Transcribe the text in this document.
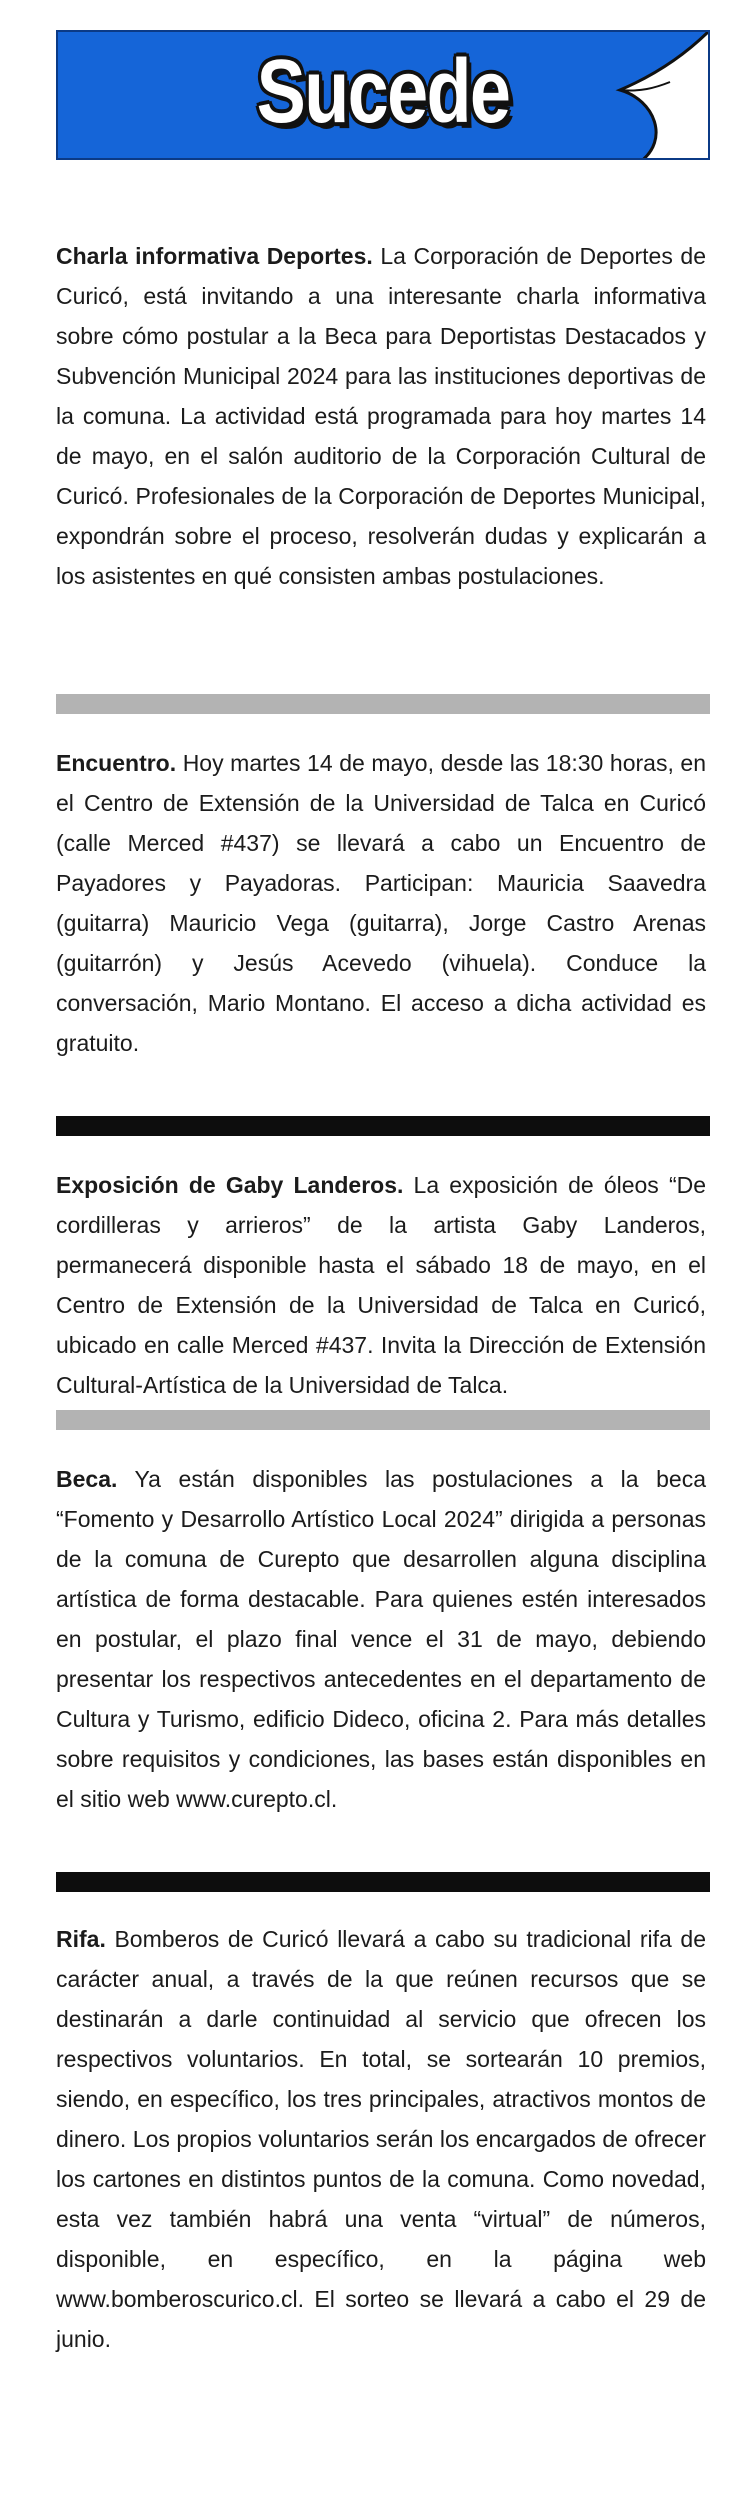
Sucede
Charla informativa Deportes. La Corporación de Deportes de Curicó, está invitando a una interesante charla informativa sobre cómo postular a la Beca para Deportistas Destacados y Subvención Municipal 2024 para las instituciones deportivas de la comuna. La actividad está programada para hoy martes 14 de mayo, en el salón auditorio de la Corporación Cultural de Curicó. Profesionales de la Corporación de Deportes Municipal, expondrán sobre el proceso, resolverán dudas y explicarán a los asistentes en qué consisten ambas postulaciones.
Encuentro. Hoy martes 14 de mayo, desde las 18:30 horas, en el Centro de Extensión de la Universidad de Talca en Curicó (calle Merced #437) se llevará a cabo un Encuentro de Payadores y Payadoras. Participan: Mauricia Saavedra (guitarra) Mauricio Vega (guitarra), Jorge Castro Arenas (guitarrón) y Jesús Acevedo (vihuela). Conduce la conversación, Mario Montano. El acceso a dicha actividad es gratuito.
Exposición de Gaby Landeros. La exposición de óleos “De cordilleras y arrieros” de la artista Gaby Landeros, permanecerá disponible hasta el sábado 18 de mayo, en el Centro de Extensión de la Universidad de Talca en Curicó, ubicado en calle Merced #437. Invita la Dirección de Extensión Cultural-Artística de la Universidad de Talca.
Beca. Ya están disponibles las postulaciones a la beca “Fomento y Desarrollo Artístico Local 2024” dirigida a personas de la comuna de Curepto que desarrollen alguna disciplina artística de forma destacable. Para quienes estén interesados en postular, el plazo final vence el 31 de mayo, debiendo presentar los respectivos antecedentes en el departamento de Cultura y Turismo, edificio Dideco, oficina 2. Para más detalles sobre requisitos y condiciones, las bases están disponibles en el sitio web www.curepto.cl.
Rifa. Bomberos de Curicó llevará a cabo su tradicional rifa de carácter anual, a través de la que reúnen recursos que se destinarán a darle continuidad al servicio que ofrecen los respectivos voluntarios. En total, se sortearán 10 premios, siendo, en específico, los tres principales, atractivos montos de dinero. Los propios voluntarios serán los encargados de ofrecer los cartones en distintos puntos de la comuna. Como novedad, esta vez también habrá una venta “virtual” de números, disponible, en específico, en la página web www.bomberoscurico.cl. El sorteo se llevará a cabo el 29 de junio.
